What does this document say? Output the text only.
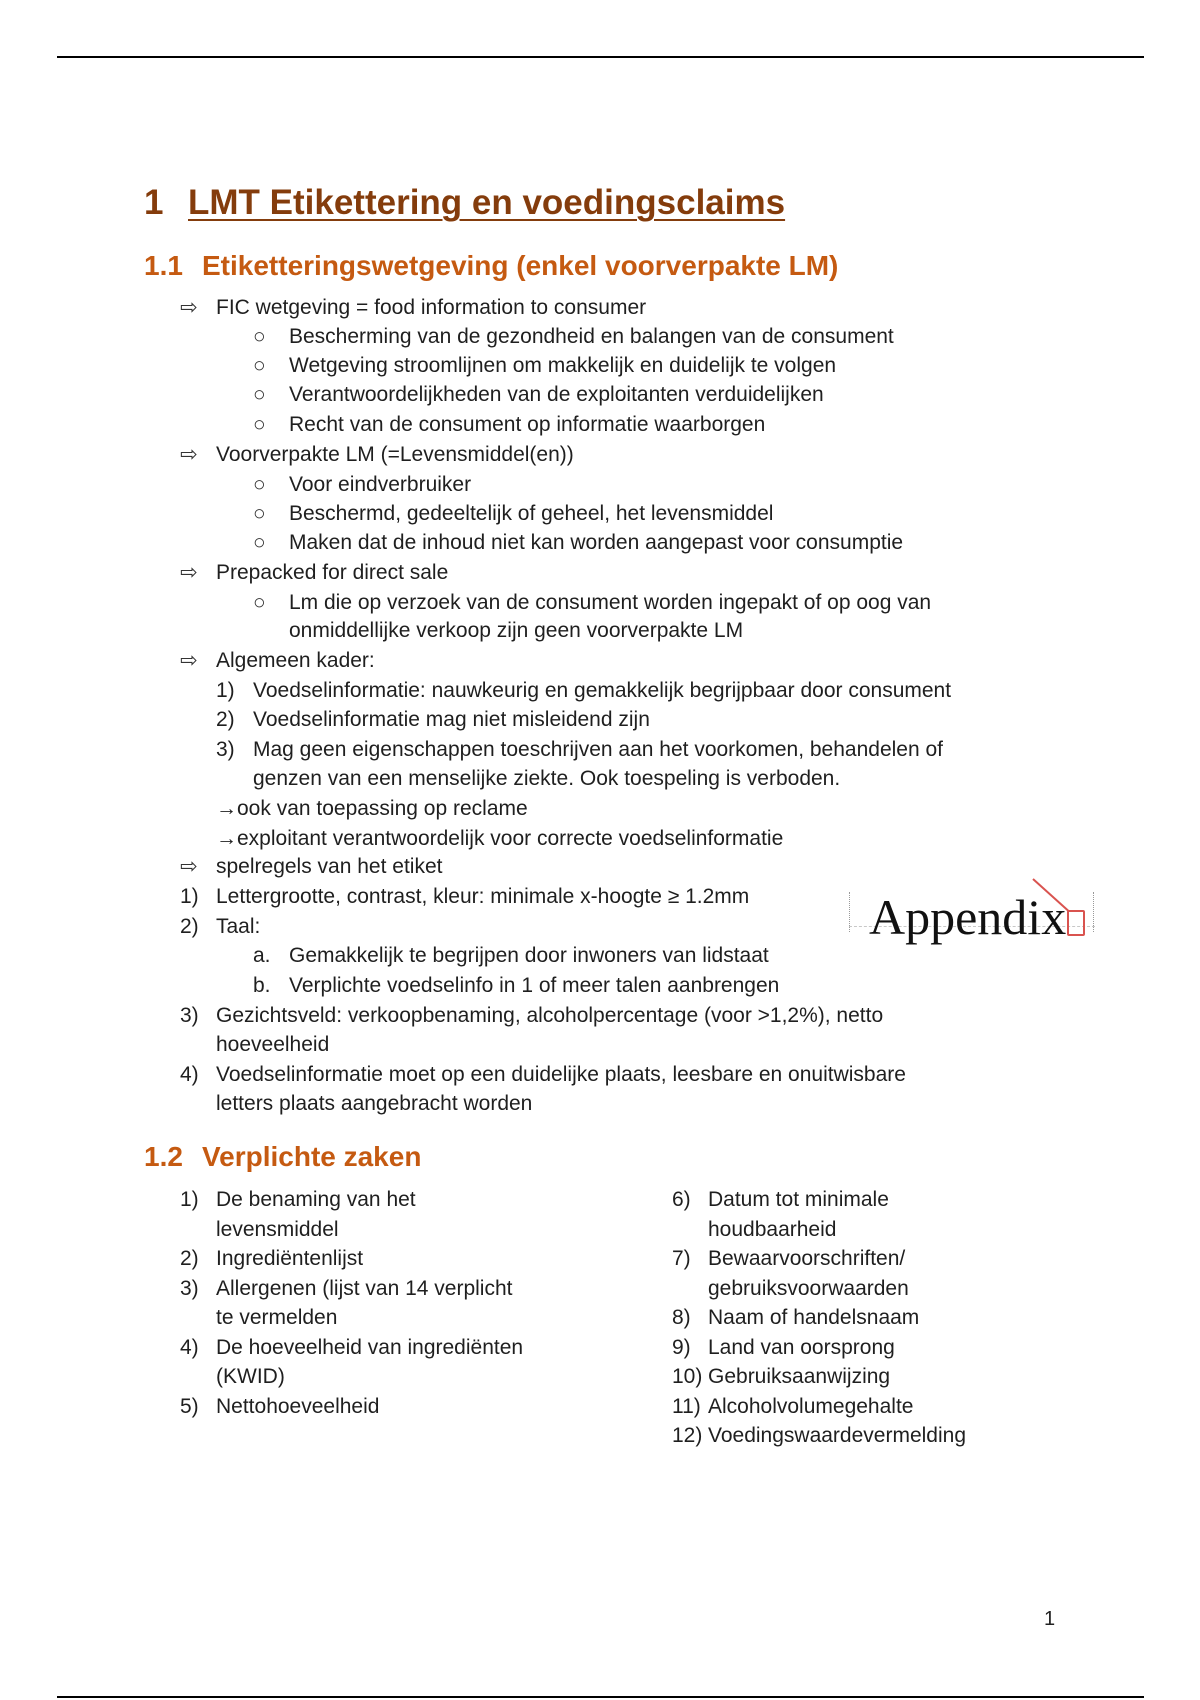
1 LMT Etikettering en voedingsclaims
1.1 Etiketteringswetgeving (enkel voorverpakte LM)
⇨ FIC wetgeving = food information to consumer
○ Bescherming van de gezondheid en balangen van de consument
○ Wetgeving stroomlijnen om makkelijk en duidelijk te volgen
○ Verantwoordelijkheden van de exploitanten verduidelijken
○ Recht van de consument op informatie waarborgen
⇨ Voorverpakte LM (=Levensmiddel(en))
○ Voor eindverbruiker
○ Beschermd, gedeeltelijk of geheel, het levensmiddel
○ Maken dat de inhoud niet kan worden aangepast voor consumptie
⇨ Prepacked for direct sale
○ Lm die op verzoek van de consument worden ingepakt of op oog van
onmiddellijke verkoop zijn geen voorverpakte LM
⇨ Algemeen kader:
1) Voedselinformatie: nauwkeurig en gemakkelijk begrijpbaar door consument
2) Voedselinformatie mag niet misleidend zijn
3) Mag geen eigenschappen toeschrijven aan het voorkomen, behandelen of
genzen van een menselijke ziekte. Ook toespeling is verboden.
→ook van toepassing op reclame
→exploitant verantwoordelijk voor correcte voedselinformatie
⇨ spelregels van het etiket
1) Lettergrootte, contrast, kleur: minimale x-hoogte ≥ 1.2mm
2) Taal:
a. Gemakkelijk te begrijpen door inwoners van lidstaat
b. Verplichte voedselinfo in 1 of meer talen aanbrengen
3) Gezichtsveld: verkoopbenaming, alcoholpercentage (voor >1,2%), netto
hoeveelheid
4) Voedselinformatie moet op een duidelijke plaats, leesbare en onuitwisbare
letters plaats aangebracht worden
Appendix
1.2 Verplichte zaken
1) De benaming van het
levensmiddel
2) Ingrediëntenlijst
3) Allergenen (lijst van 14 verplicht
te vermelden
4) De hoeveelheid van ingrediënten
(KWID)
5) Nettohoeveelheid
6) Datum tot minimale
houdbaarheid
7) Bewaarvoorschriften/
gebruiksvoorwaarden
8) Naam of handelsnaam
9) Land van oorsprong
10) Gebruiksaanwijzing
11) Alcoholvolumegehalte
12) Voedingswaardevermelding
1
